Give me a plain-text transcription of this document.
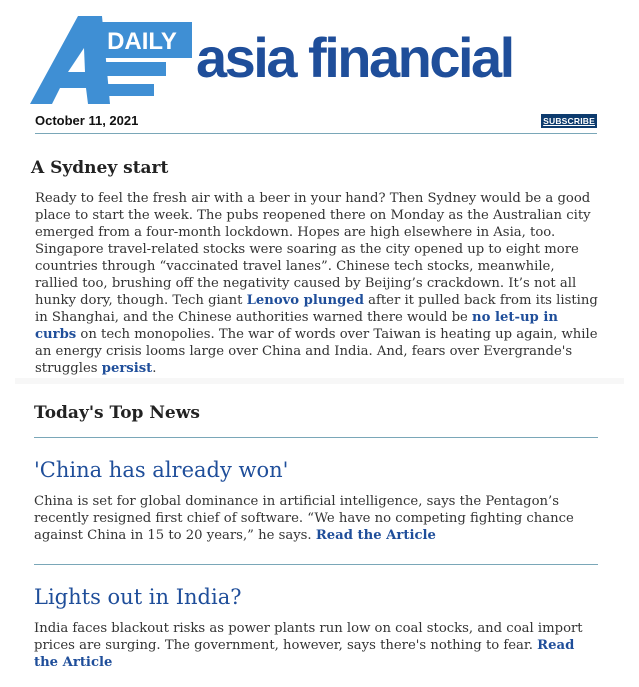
DAILY asia financial
October 11, 2021	SUBSCRIBE
A Sydney start

Ready to feel the fresh air with a beer in your hand? Then Sydney would be a good place to start the week. The pubs reopened there on Monday as the Australian city emerged from a four-month lockdown. Hopes are high elsewhere in Asia, too. Singapore travel-related stocks were soaring as the city opened up to eight more countries through “vaccinated travel lanes”. Chinese tech stocks, meanwhile, rallied too, brushing off the negativity caused by Beijing’s crackdown. It’s not all hunky dory, though. Tech giant Lenovo plunged after it pulled back from its listing in Shanghai, and the Chinese authorities warned there would be no let-up in curbs on tech monopolies. The war of words over Taiwan is heating up again, while an energy crisis looms large over China and India. And, fears over Evergrande's struggles persist.

Today's Top News
'China has already won'

China is set for global dominance in artificial intelligence, says the Pentagon’s recently resigned first chief of software. “We have no competing fighting chance against China in 15 to 20 years,” he says. Read the Article

Lights out in India?

India faces blackout risks as power plants run low on coal stocks, and coal import prices are surging. The government, however, says there's nothing to fear. Read the Article
